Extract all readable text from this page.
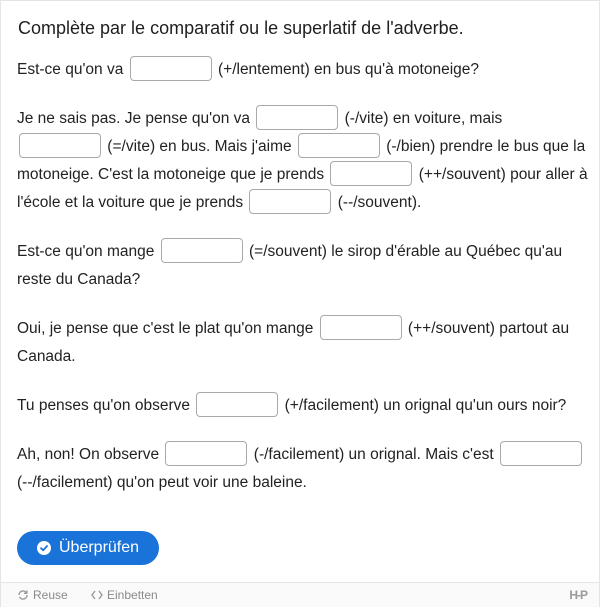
Complète par le comparatif ou le superlatif de l'adverbe.

Est-ce qu'on va	(+/lentement) en bus qu'à motoneige?

Je ne sais pas. Je pense qu'on va	(-/vite) en voiture, mais  (=/vite) en bus. Mais j'aime	(-/bien) prendre le bus que la motoneige. C'est la motoneige que je prends	(++/souvent) pour aller à l'école et la voiture que je prends	(--/souvent).

Est-ce qu'on mange	(=/souvent) le sirop d'érable au Québec qu'au reste du Canada?

Oui, je pense que c'est le plat qu'on mange	(++/souvent) partout au Canada.

Tu penses qu'on observe	(+/facilement) un orignal qu'un ours noir?

Ah, non! On observe	(-/facilement) un orignal. Mais c'est  (--/facilement) qu'on peut voir une baleine.

Überprüfen
Reuse	Einbetten	H-P
